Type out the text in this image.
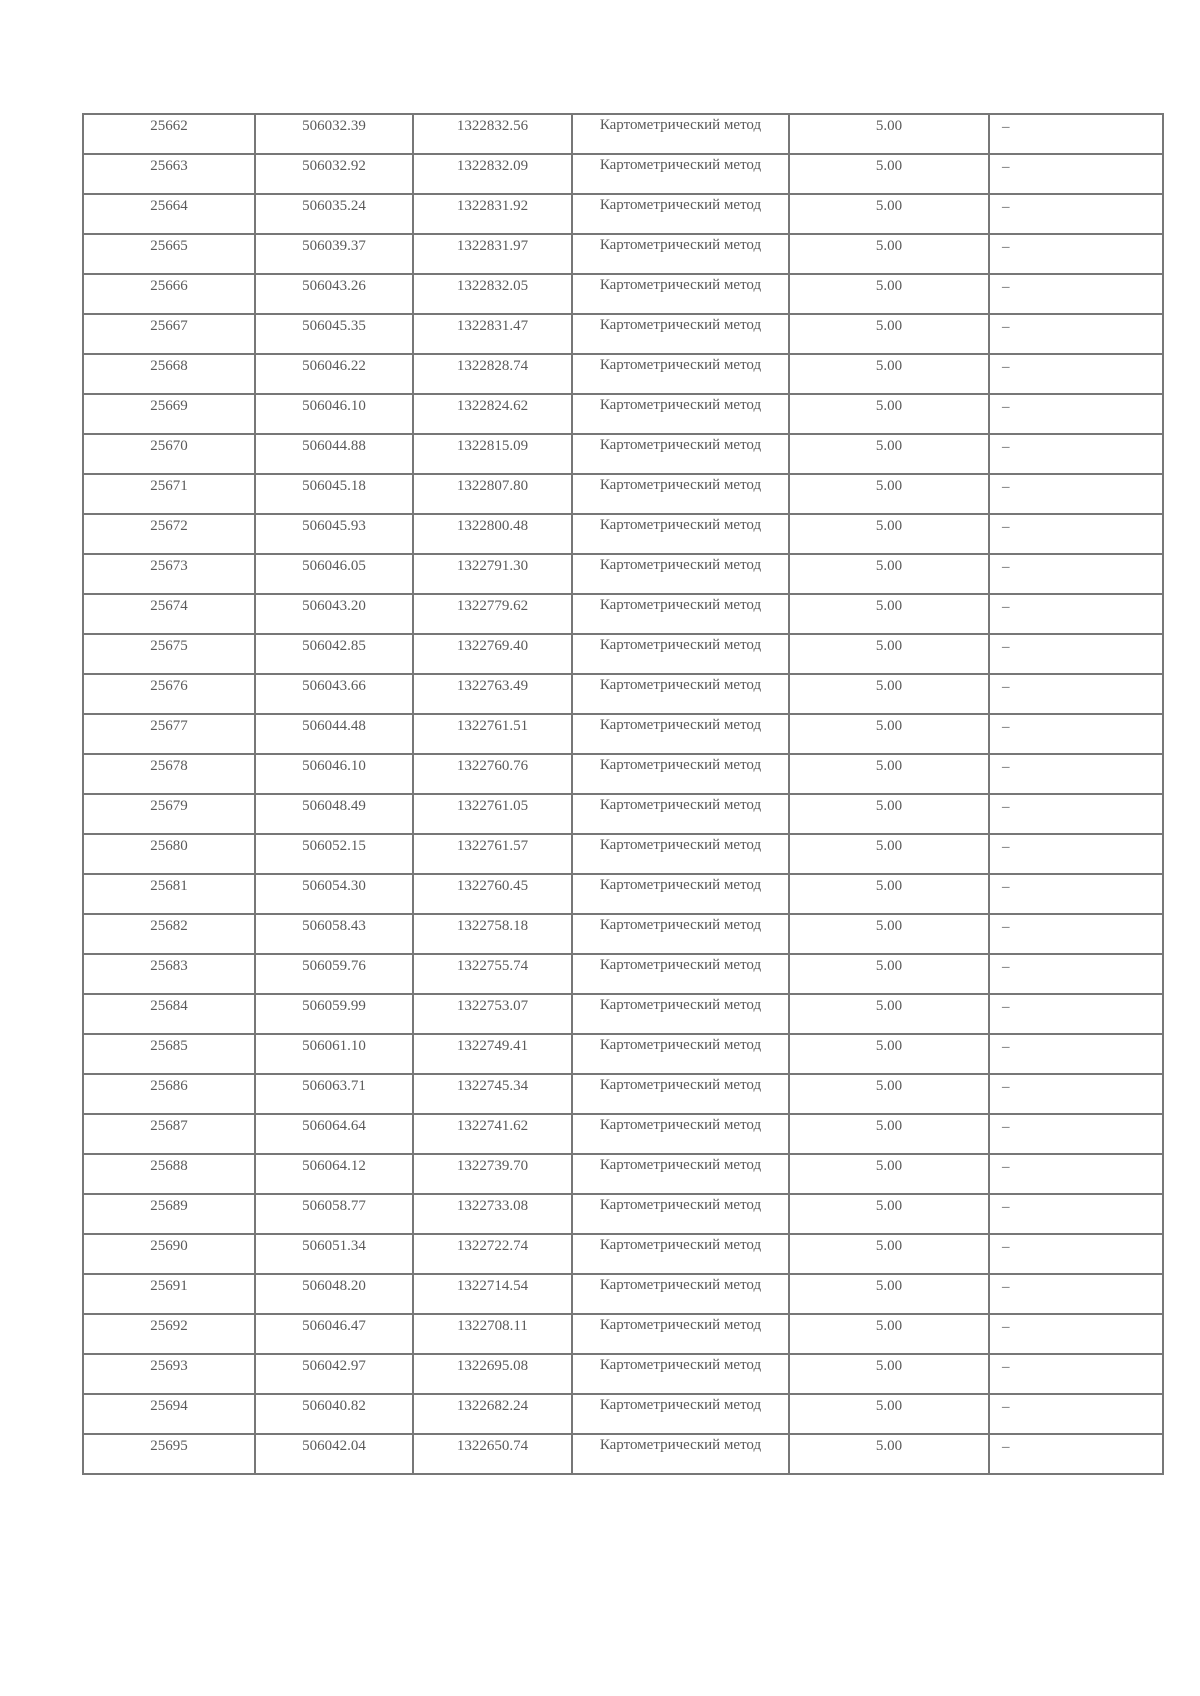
25662	506032.39	1322832.56	Картометрический метод	5.00	–

25663	506032.92	1322832.09	Картометрический метод	5.00	–

25664	506035.24	1322831.92	Картометрический метод	5.00	–

25665	506039.37	1322831.97	Картометрический метод	5.00	–

25666	506043.26	1322832.05	Картометрический метод	5.00	–

25667	506045.35	1322831.47	Картометрический метод	5.00	–

25668	506046.22	1322828.74	Картометрический метод	5.00	–

25669	506046.10	1322824.62	Картометрический метод	5.00	–

25670	506044.88	1322815.09	Картометрический метод	5.00	–

25671	506045.18	1322807.80	Картометрический метод	5.00	–

25672	506045.93	1322800.48	Картометрический метод	5.00	–

25673	506046.05	1322791.30	Картометрический метод	5.00	–

25674	506043.20	1322779.62	Картометрический метод	5.00	–

25675	506042.85	1322769.40	Картометрический метод	5.00	–

25676	506043.66	1322763.49	Картометрический метод	5.00	–

25677	506044.48	1322761.51	Картометрический метод	5.00	–

25678	506046.10	1322760.76	Картометрический метод	5.00	–

25679	506048.49	1322761.05	Картометрический метод	5.00	–

25680	506052.15	1322761.57	Картометрический метод	5.00	–

25681	506054.30	1322760.45	Картометрический метод	5.00	–

25682	506058.43	1322758.18	Картометрический метод	5.00	–

25683	506059.76	1322755.74	Картометрический метод	5.00	–

25684	506059.99	1322753.07	Картометрический метод	5.00	–

25685	506061.10	1322749.41	Картометрический метод	5.00	–

25686	506063.71	1322745.34	Картометрический метод	5.00	–

25687	506064.64	1322741.62	Картометрический метод	5.00	–

25688	506064.12	1322739.70	Картометрический метод	5.00	–

25689	506058.77	1322733.08	Картометрический метод	5.00	–

25690	506051.34	1322722.74	Картометрический метод	5.00	–

25691	506048.20	1322714.54	Картометрический метод	5.00	–

25692	506046.47	1322708.11	Картометрический метод	5.00	–

25693	506042.97	1322695.08	Картометрический метод	5.00	–

25694	506040.82	1322682.24	Картометрический метод	5.00	–

25695	506042.04	1322650.74	Картометрический метод	5.00	–
